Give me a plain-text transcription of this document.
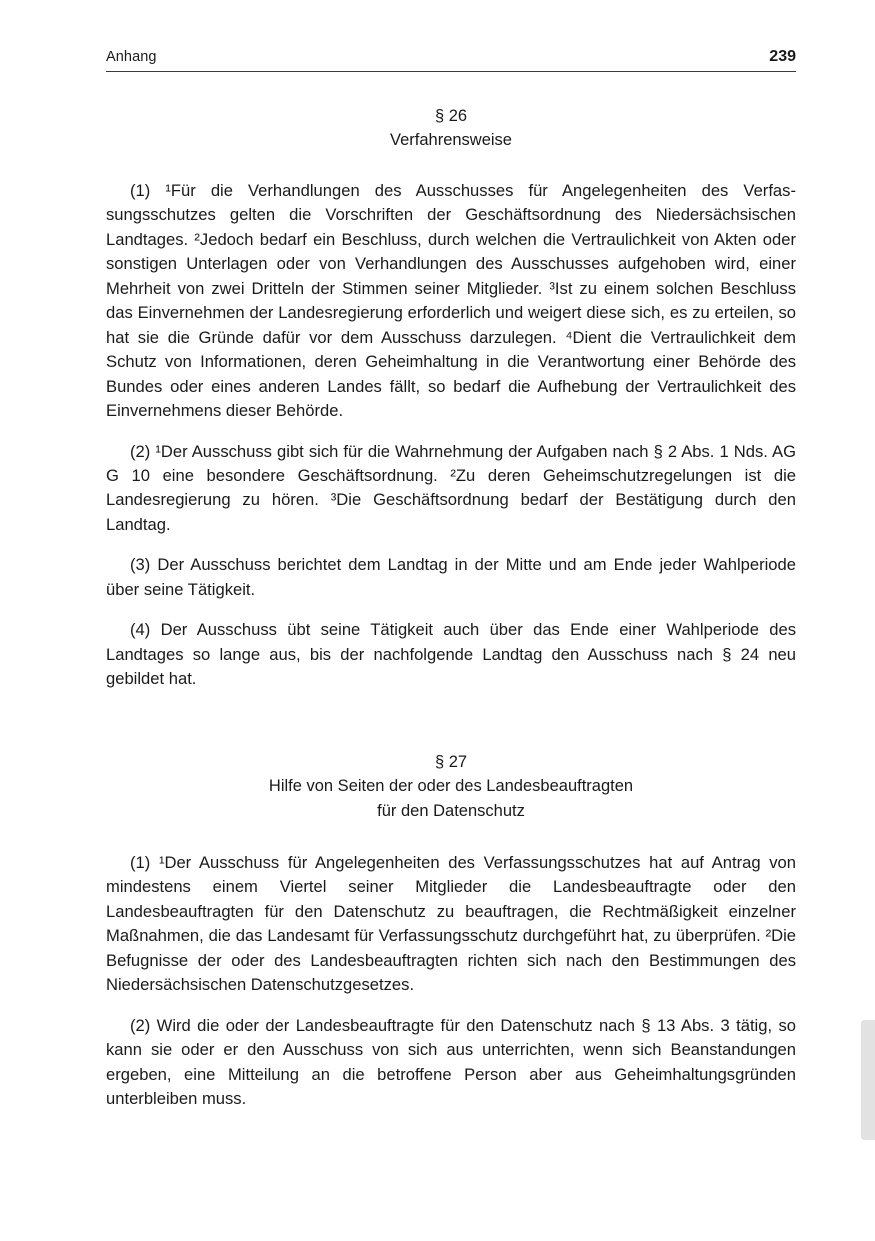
Anhang	239
§ 26
Verfahrensweise

(1) ¹Für die Verhandlungen des Ausschusses für Angelegenheiten des Verfassungsschutzes gelten die Vorschriften der Geschäftsordnung des Niedersächsischen Landtages. ²Jedoch bedarf ein Beschluss, durch welchen die Vertraulichkeit von Akten oder sonstigen Unterlagen oder von Verhandlungen des Ausschusses aufgehoben wird, einer Mehrheit von zwei Dritteln der Stimmen seiner Mitglieder. ³Ist zu einem solchen Beschluss das Einvernehmen der Landesregierung erforderlich und weigert diese sich, es zu erteilen, so hat sie die Gründe dafür vor dem Ausschuss darzulegen. ⁴Dient die Vertraulichkeit dem Schutz von Informationen, deren Geheimhaltung in die Verantwortung einer Behörde des Bundes oder eines anderen Landes fällt, so bedarf die Aufhebung der Vertraulichkeit des Einvernehmens dieser Behörde.

(2) ¹Der Ausschuss gibt sich für die Wahrnehmung der Aufgaben nach § 2 Abs. 1 Nds. AG G 10 eine besondere Geschäftsordnung. ²Zu deren Geheimschutzregelungen ist die Landesregierung zu hören. ³Die Geschäftsordnung bedarf der Bestätigung durch den Landtag.

(3) Der Ausschuss berichtet dem Landtag in der Mitte und am Ende jeder Wahlperiode über seine Tätigkeit.

(4) Der Ausschuss übt seine Tätigkeit auch über das Ende einer Wahlperiode des Landtages so lange aus, bis der nachfolgende Landtag den Ausschuss nach § 24 neu gebildet hat.

§ 27
Hilfe von Seiten der oder des Landesbeauftragten
für den Datenschutz

(1) ¹Der Ausschuss für Angelegenheiten des Verfassungsschutzes hat auf Antrag von mindestens einem Viertel seiner Mitglieder die Landesbeauftragte oder den Landesbeauftragten für den Datenschutz zu beauftragen, die Rechtmäßigkeit einzelner Maßnahmen, die das Landesamt für Verfassungsschutz durchgeführt hat, zu überprüfen. ²Die Befugnisse der oder des Landesbeauftragten richten sich nach den Bestimmungen des Niedersächsischen Datenschutzgesetzes.

(2) Wird die oder der Landesbeauftragte für den Datenschutz nach § 13 Abs. 3 tätig, so kann sie oder er den Ausschuss von sich aus unterrichten, wenn sich Beanstandungen ergeben, eine Mitteilung an die betroffene Person aber aus Geheimhaltungsgründen unterbleiben muss.
